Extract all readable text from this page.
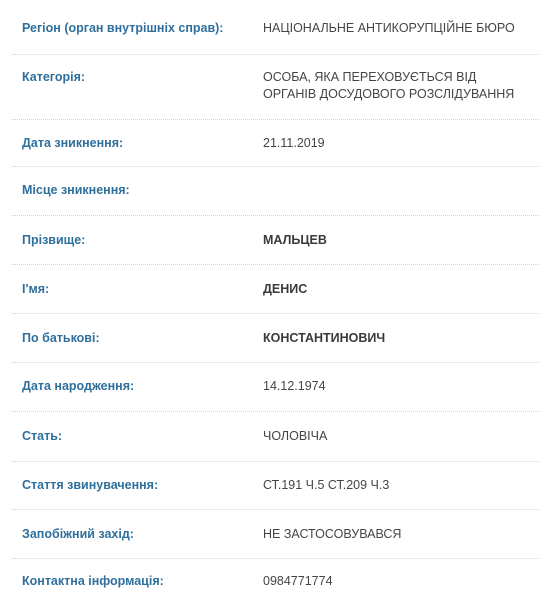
Регіон (орган внутрішніх справ):	НАЦІОНАЛЬНЕ АНТИКОРУПЦІЙНЕ БЮРО
Категорія:	ОСОБА, ЯКА ПЕРЕХОВУЄТЬСЯ ВІД ОРГАНІВ ДОСУДОВОГО РОЗСЛІДУВАННЯ
Дата зникнення:	21.11.2019
Місце зникнення:
Прізвище:	МАЛЬЦЕВ
І'мя:	ДЕНИС
По батькові:	КОНСТАНТИНОВИЧ
Дата народження:	14.12.1974
Стать:	ЧОЛОВІЧА
Стаття звинувачення:	СТ.191 Ч.5 СТ.209 Ч.3
Запобіжний захід:	НЕ ЗАСТОСОВУВАВСЯ
Контактна інформація:	0984771774
